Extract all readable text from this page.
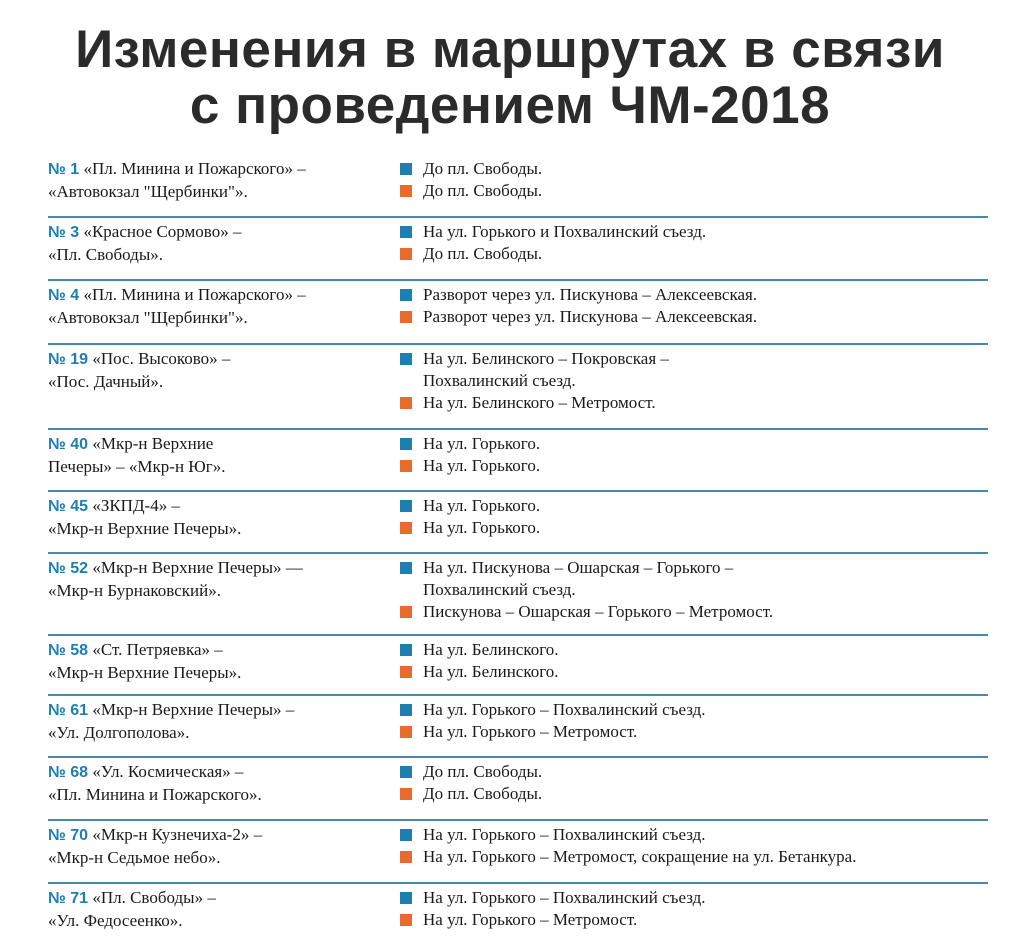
Изменения в маршрутах в связи
с проведением ЧМ-2018
№ 1 «Пл. Минина и Пожарского» –
«Автовокзал "Щербинки"».
До пл. Свободы.
До пл. Свободы.
№ 3 «Красное Сормово» –
«Пл. Свободы».
На ул. Горького и Похвалинский съезд.
До пл. Свободы.
№ 4 «Пл. Минина и Пожарского» –
«Автовокзал "Щербинки"».
Разворот через ул. Пискунова – Алексеевская.
Разворот через ул. Пискунова – Алексеевская.
№ 19 «Пос. Высоково» –
«Пос. Дачный».
На ул. Белинского – Покровская –
Похвалинский съезд.
На ул. Белинского – Метромост.
№ 40 «Мкр-н Верхние
Печеры» – «Мкр-н Юг».
На ул. Горького.
На ул. Горького.
№ 45 «ЗКПД-4» –
«Мкр-н Верхние Печеры».
На ул. Горького.
На ул. Горького.
№ 52 «Мкр-н Верхние Печеры» —
«Мкр-н Бурнаковский».
На ул. Пискунова – Ошарская – Горького –
Похвалинский съезд.
Пискунова – Ошарская – Горького – Метромост.
№ 58 «Ст. Петряевка» –
«Мкр-н Верхние Печеры».
На ул. Белинского.
На ул. Белинского.
№ 61 «Мкр-н Верхние Печеры» –
«Ул. Долгополова».
На ул. Горького – Похвалинский съезд.
На ул. Горького – Метромост.
№ 68 «Ул. Космическая» –
«Пл. Минина и Пожарского».
До пл. Свободы.
До пл. Свободы.
№ 70 «Мкр-н Кузнечиха-2» –
«Мкр-н Седьмое небо».
На ул. Горького – Похвалинский съезд.
На ул. Горького – Метромост, сокращение на ул. Бетанкура.
№ 71 «Пл. Свободы» –
«Ул. Федосеенко».
На ул. Горького – Похвалинский съезд.
На ул. Горького – Метромост.
